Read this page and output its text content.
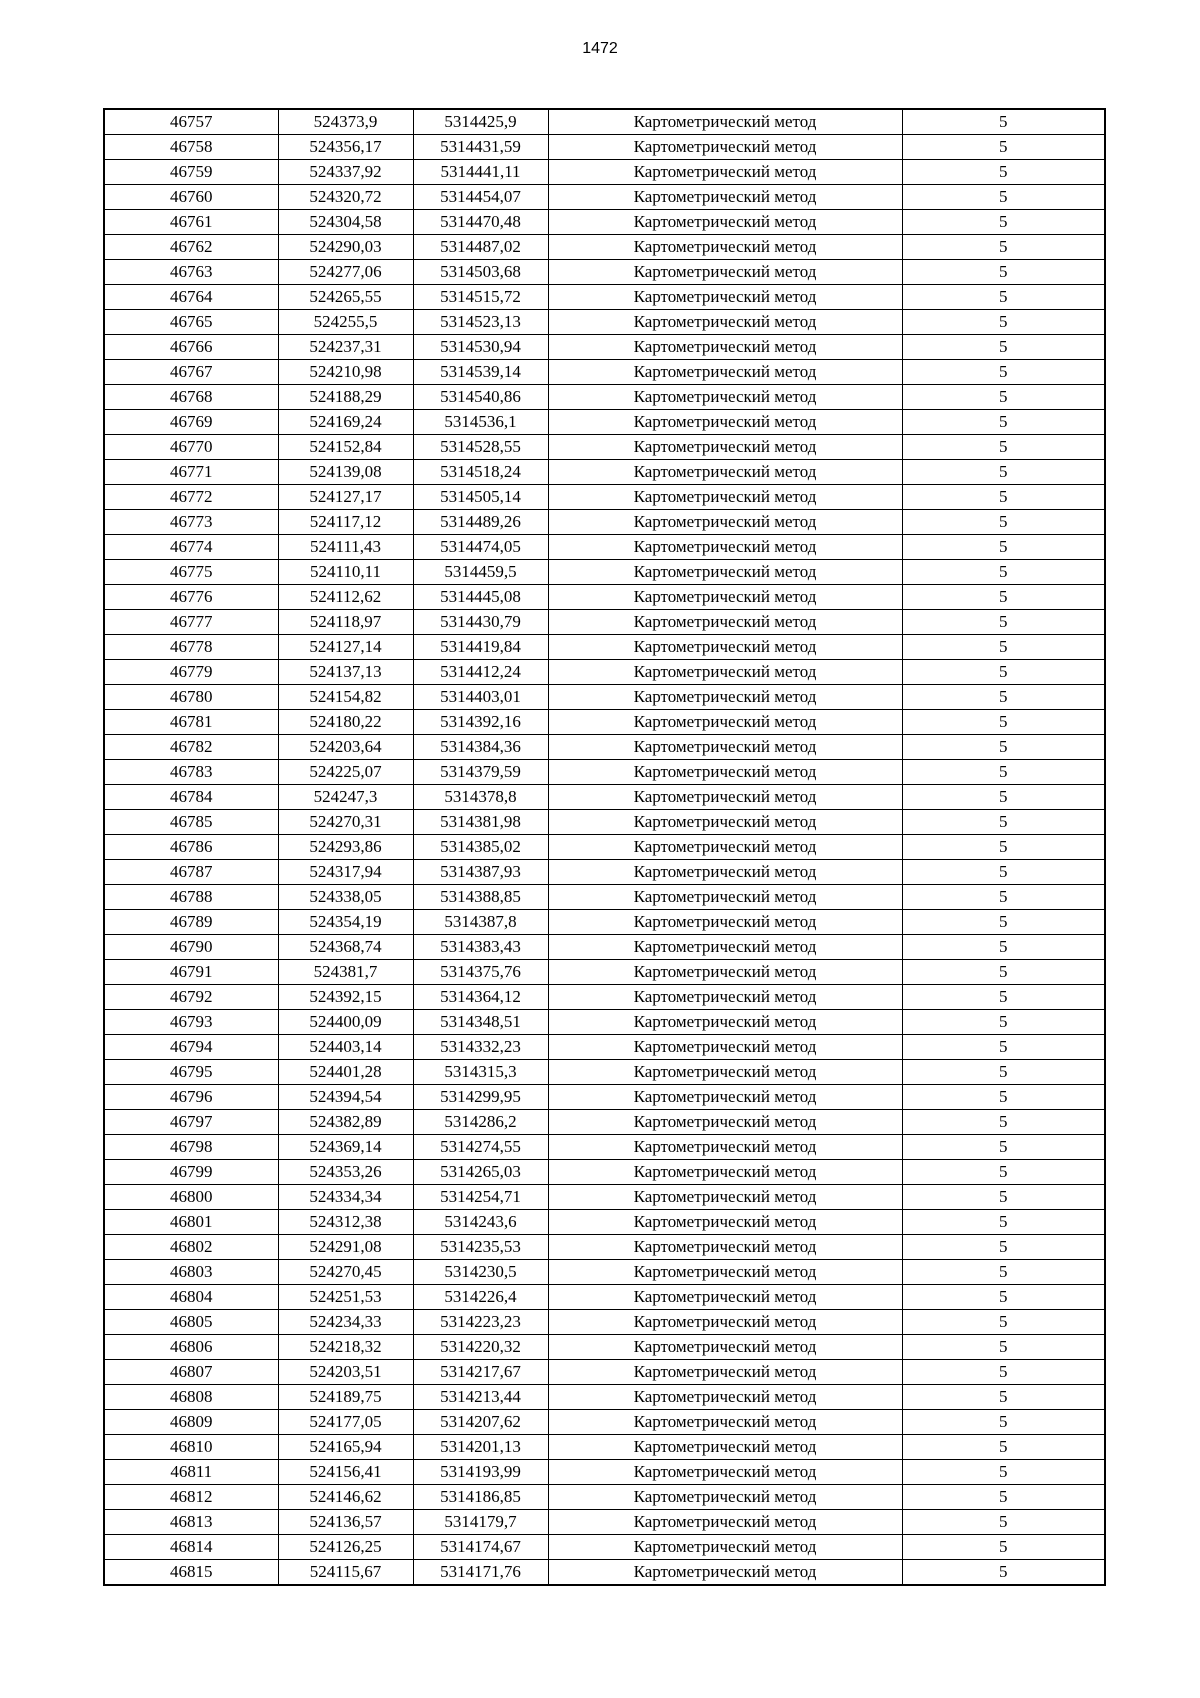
1472
46757	524373,9	5314425,9	Картометрический метод	5
46758	524356,17	5314431,59	Картометрический метод	5
46759	524337,92	5314441,11	Картометрический метод	5
46760	524320,72	5314454,07	Картометрический метод	5
46761	524304,58	5314470,48	Картометрический метод	5
46762	524290,03	5314487,02	Картометрический метод	5
46763	524277,06	5314503,68	Картометрический метод	5
46764	524265,55	5314515,72	Картометрический метод	5
46765	524255,5	5314523,13	Картометрический метод	5
46766	524237,31	5314530,94	Картометрический метод	5
46767	524210,98	5314539,14	Картометрический метод	5
46768	524188,29	5314540,86	Картометрический метод	5
46769	524169,24	5314536,1	Картометрический метод	5
46770	524152,84	5314528,55	Картометрический метод	5
46771	524139,08	5314518,24	Картометрический метод	5
46772	524127,17	5314505,14	Картометрический метод	5
46773	524117,12	5314489,26	Картометрический метод	5
46774	524111,43	5314474,05	Картометрический метод	5
46775	524110,11	5314459,5	Картометрический метод	5
46776	524112,62	5314445,08	Картометрический метод	5
46777	524118,97	5314430,79	Картометрический метод	5
46778	524127,14	5314419,84	Картометрический метод	5
46779	524137,13	5314412,24	Картометрический метод	5
46780	524154,82	5314403,01	Картометрический метод	5
46781	524180,22	5314392,16	Картометрический метод	5
46782	524203,64	5314384,36	Картометрический метод	5
46783	524225,07	5314379,59	Картометрический метод	5
46784	524247,3	5314378,8	Картометрический метод	5
46785	524270,31	5314381,98	Картометрический метод	5
46786	524293,86	5314385,02	Картометрический метод	5
46787	524317,94	5314387,93	Картометрический метод	5
46788	524338,05	5314388,85	Картометрический метод	5
46789	524354,19	5314387,8	Картометрический метод	5
46790	524368,74	5314383,43	Картометрический метод	5
46791	524381,7	5314375,76	Картометрический метод	5
46792	524392,15	5314364,12	Картометрический метод	5
46793	524400,09	5314348,51	Картометрический метод	5
46794	524403,14	5314332,23	Картометрический метод	5
46795	524401,28	5314315,3	Картометрический метод	5
46796	524394,54	5314299,95	Картометрический метод	5
46797	524382,89	5314286,2	Картометрический метод	5
46798	524369,14	5314274,55	Картометрический метод	5
46799	524353,26	5314265,03	Картометрический метод	5
46800	524334,34	5314254,71	Картометрический метод	5
46801	524312,38	5314243,6	Картометрический метод	5
46802	524291,08	5314235,53	Картометрический метод	5
46803	524270,45	5314230,5	Картометрический метод	5
46804	524251,53	5314226,4	Картометрический метод	5
46805	524234,33	5314223,23	Картометрический метод	5
46806	524218,32	5314220,32	Картометрический метод	5
46807	524203,51	5314217,67	Картометрический метод	5
46808	524189,75	5314213,44	Картометрический метод	5
46809	524177,05	5314207,62	Картометрический метод	5
46810	524165,94	5314201,13	Картометрический метод	5
46811	524156,41	5314193,99	Картометрический метод	5
46812	524146,62	5314186,85	Картометрический метод	5
46813	524136,57	5314179,7	Картометрический метод	5
46814	524126,25	5314174,67	Картометрический метод	5
46815	524115,67	5314171,76	Картометрический метод	5
